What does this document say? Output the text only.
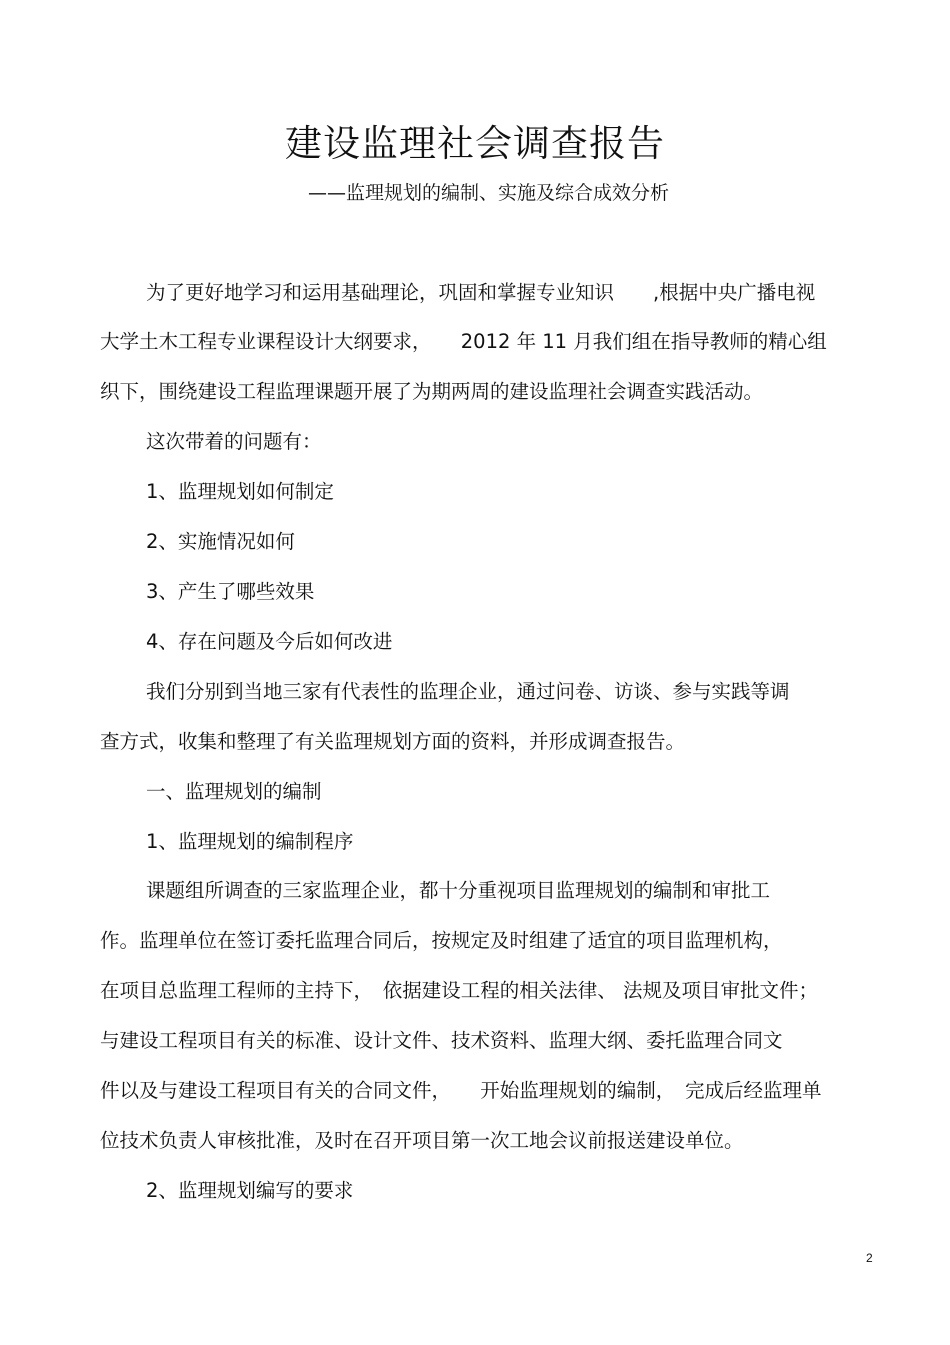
建设监理社会调查报告
——监理规划的编制、实施及综合成效分析
为了更好地学习和运用基础理论，巩固和掌握专业知识　　,根据中央广播电视
大学土木工程专业课程设计大纲要求，　　2012 年 11 月我们组在指导教师的精心组
织下，围绕建设工程监理课题开展了为期两周的建设监理社会调查实践活动。
这次带着的问题有：
1、监理规划如何制定
2、实施情况如何
3、产生了哪些效果
4、存在问题及今后如何改进
我们分别到当地三家有代表性的监理企业，通过问卷、访谈、参与实践等调
查方式，收集和整理了有关监理规划方面的资料，并形成调查报告。
一、监理规划的编制
1、监理规划的编制程序
课题组所调查的三家监理企业，都十分重视项目监理规划的编制和审批工
作。监理单位在签订委托监理合同后，按规定及时组建了适宜的项目监理机构，
在项目总监理工程师的主持下，　依据建设工程的相关法律、 法规及项目审批文件；
与建设工程项目有关的标准、设计文件、技术资料、监理大纲、委托监理合同文
件以及与建设工程项目有关的合同文件，　　开始监理规划的编制，　完成后经监理单
位技术负责人审核批准，及时在召开项目第一次工地会议前报送建设单位。
2、监理规划编写的要求
2
